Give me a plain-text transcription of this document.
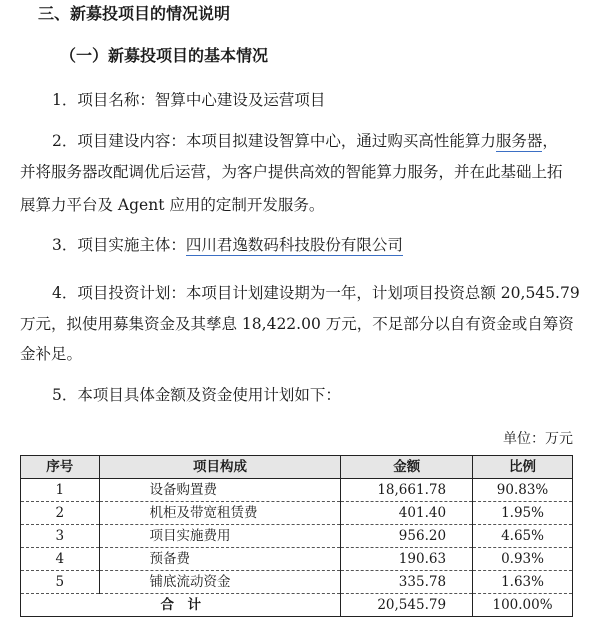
三、新募投项目的情况说明
（一）新募投项目的基本情况
1．项目名称：智算中心建设及运营项目
2．项目建设内容：本项目拟建设智算中心，通过购买高性能算力服务器，
并将服务器改配调优后运营，为客户提供高效的智能算力服务，并在此基础上拓
展算力平台及 Agent 应用的定制开发服务。
3．项目实施主体：四川君逸数码科技股份有限公司
4．项目投资计划：本项目计划建设期为一年，计划项目投资总额 20,545.79
万元，拟使用募集资金及其孳息 18,422.00 万元，不足部分以自有资金或自筹资
金补足。
5．本项目具体金额及资金使用计划如下：
单位：万元
序号	项目构成	金额	比例
1	设备购置费	18,661.78	90.83%
2	机柜及带宽租赁费	401.40	1.95%
3	项目实施费用	956.20	4.65%
4	预备费	190.63	0.93%
5	铺底流动资金	335.78	1.63%
合　计		20,545.79	100.00%
